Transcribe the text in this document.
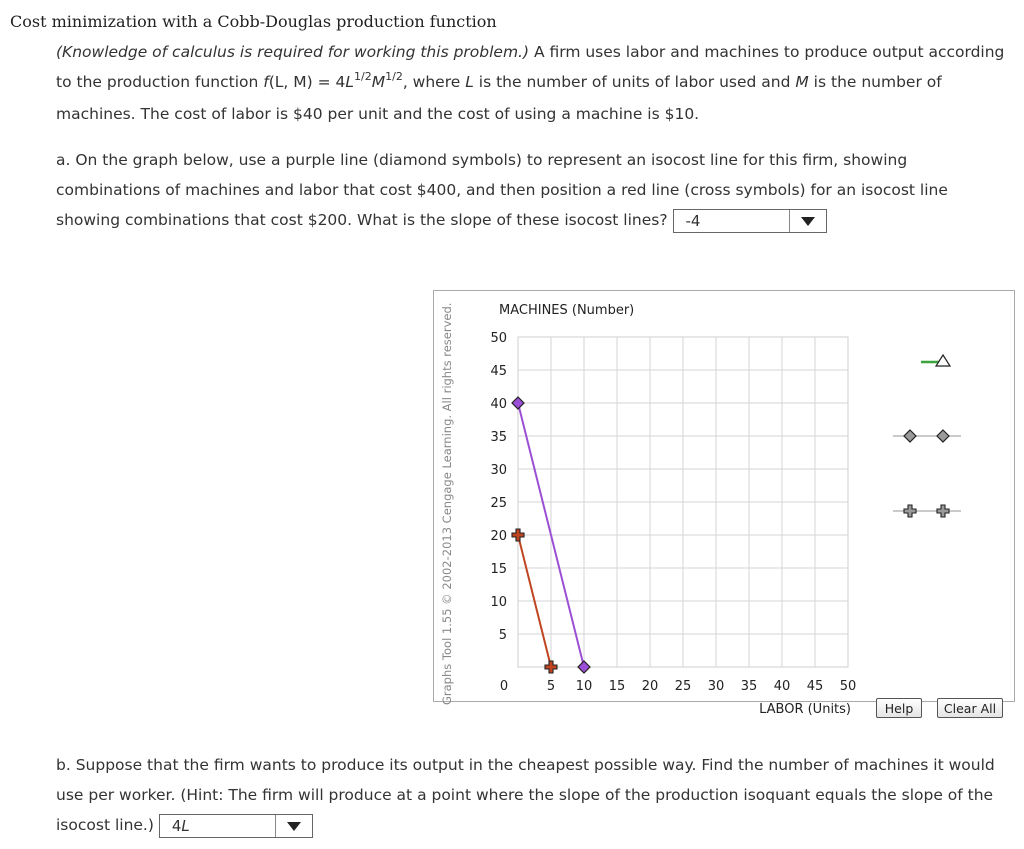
Cost minimization with a Cobb-Douglas production function
(Knowledge of calculus is required for working this problem.) A firm uses labor and machines to produce output according to the production function f(L, $M) = 4L^{1/2}M^{1/2}$, where L is the number of units of labor used and M is the number of machines. The cost of labor is $40 per unit and the cost of using a machine is $10.
a. On the graph below, use a purple line (diamond symbols) to represent an isocost line for this firm, showing combinations of machines and labor that cost $400, and then position a red line (cross symbols) for an isocost line showing combinations that cost $200. What is the slope of these isocost lines? -4
5
10
15
20
25
30
35
40
45
50
0	5 10 15 20 25 30 35 40 45 50
MACHINES (Number)
LABOR (Units)	Help	Clear All
b. Suppose that the firm wants to produce its output in the cheapest possible way. Find the number of machines it would use per worker. (Hint: The firm will produce at a point where the slope of the production isoquant equals the slope of the isocost line.) 4L
